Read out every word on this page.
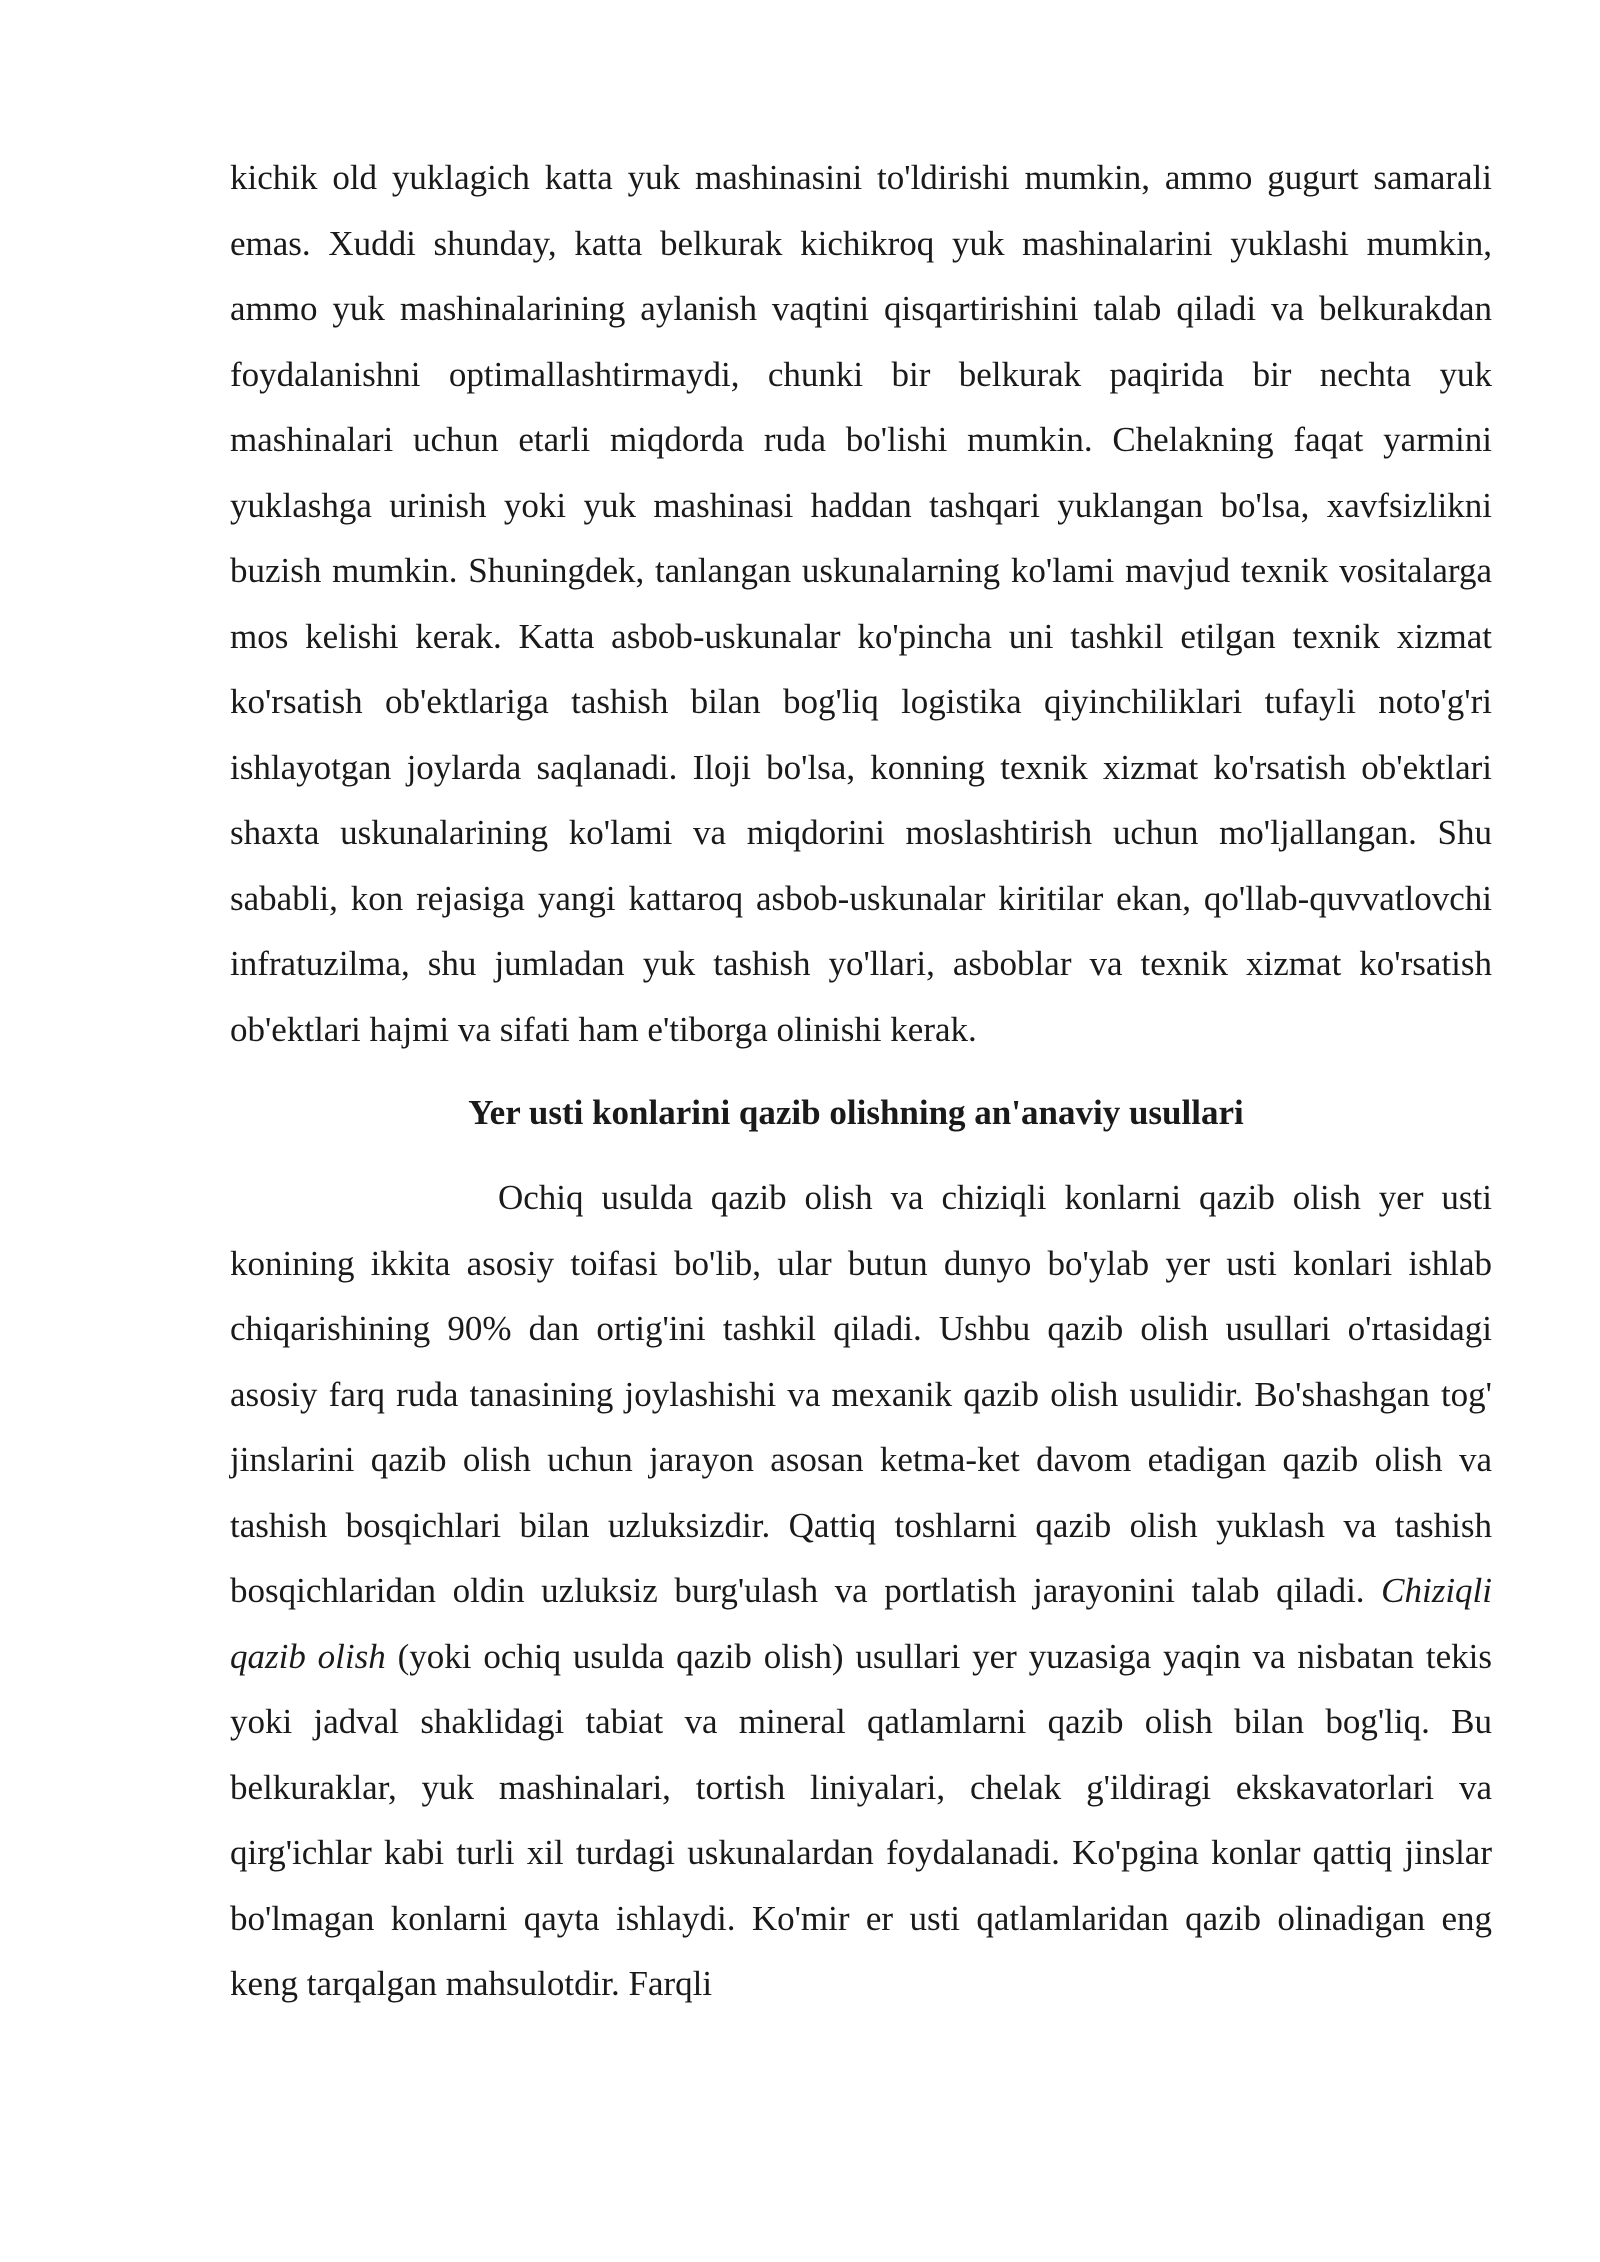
kichik old yuklagich katta yuk mashinasini to'ldirishi mumkin, ammo gugurt samarali emas. Xuddi shunday, katta belkurak kichikroq yuk mashinalarini yuklashi mumkin, ammo yuk mashinalarining aylanish vaqtini qisqartirishini talab qiladi va belkurakdan foydalanishni optimallashtirmaydi, chunki bir belkurak paqirida bir nechta yuk mashinalari uchun etarli miqdorda ruda bo'lishi mumkin. Chelakning faqat yarmini yuklashga urinish yoki yuk mashinasi haddan tashqari yuklangan bo'lsa, xavfsizlikni buzish mumkin. Shuningdek, tanlangan uskunalarning ko'lami mavjud texnik vositalarga mos kelishi kerak. Katta asbob-uskunalar ko'pincha uni tashkil etilgan texnik xizmat ko'rsatish ob'ektlariga tashish bilan bog'liq logistika qiyinchiliklari tufayli noto'g'ri ishlayotgan joylarda saqlanadi. Iloji bo'lsa, konning texnik xizmat ko'rsatish ob'ektlari shaxta uskunalarining ko'lami va miqdorini moslashtirish uchun mo'ljallangan. Shu sababli, kon rejasiga yangi kattaroq asbob-uskunalar kiritilar ekan, qo'llab-quvvatlovchi infratuzilma, shu jumladan yuk tashish yo'llari, asboblar va texnik xizmat ko'rsatish ob'ektlari hajmi va sifati ham e'tiborga olinishi kerak.

Yer usti konlarini qazib olishning an'anaviy usullari

Ochiq usulda qazib olish va chiziqli konlarni qazib olish yer usti konining ikkita asosiy toifasi bo'lib, ular butun dunyo bo'ylab yer usti konlari ishlab chiqarishining 90% dan ortig'ini tashkil qiladi. Ushbu qazib olish usullari o'rtasidagi asosiy farq ruda tanasining joylashishi va mexanik qazib olish usulidir. Bo'shashgan tog' jinslarini qazib olish uchun jarayon asosan ketma-ket davom etadigan qazib olish va tashish bosqichlari bilan uzluksizdir. Qattiq toshlarni qazib olish yuklash va tashish bosqichlaridan oldin uzluksiz burg'ulash va portlatish jarayonini talab qiladi. Chiziqli qazib olish (yoki ochiq usulda qazib olish) usullari yer yuzasiga yaqin va nisbatan tekis yoki jadval shaklidagi tabiat va mineral qatlamlarni qazib olish bilan bog'liq. Bu belkuraklar, yuk mashinalari, tortish liniyalari, chelak g'ildiragi ekskavatorlari va qirg'ichlar kabi turli xil turdagi uskunalardan foydalanadi. Ko'pgina konlar qattiq jinslar bo'lmagan konlarni qayta ishlaydi. Ko'mir er usti qatlamlaridan qazib olinadigan eng keng tarqalgan mahsulotdir. Farqli
